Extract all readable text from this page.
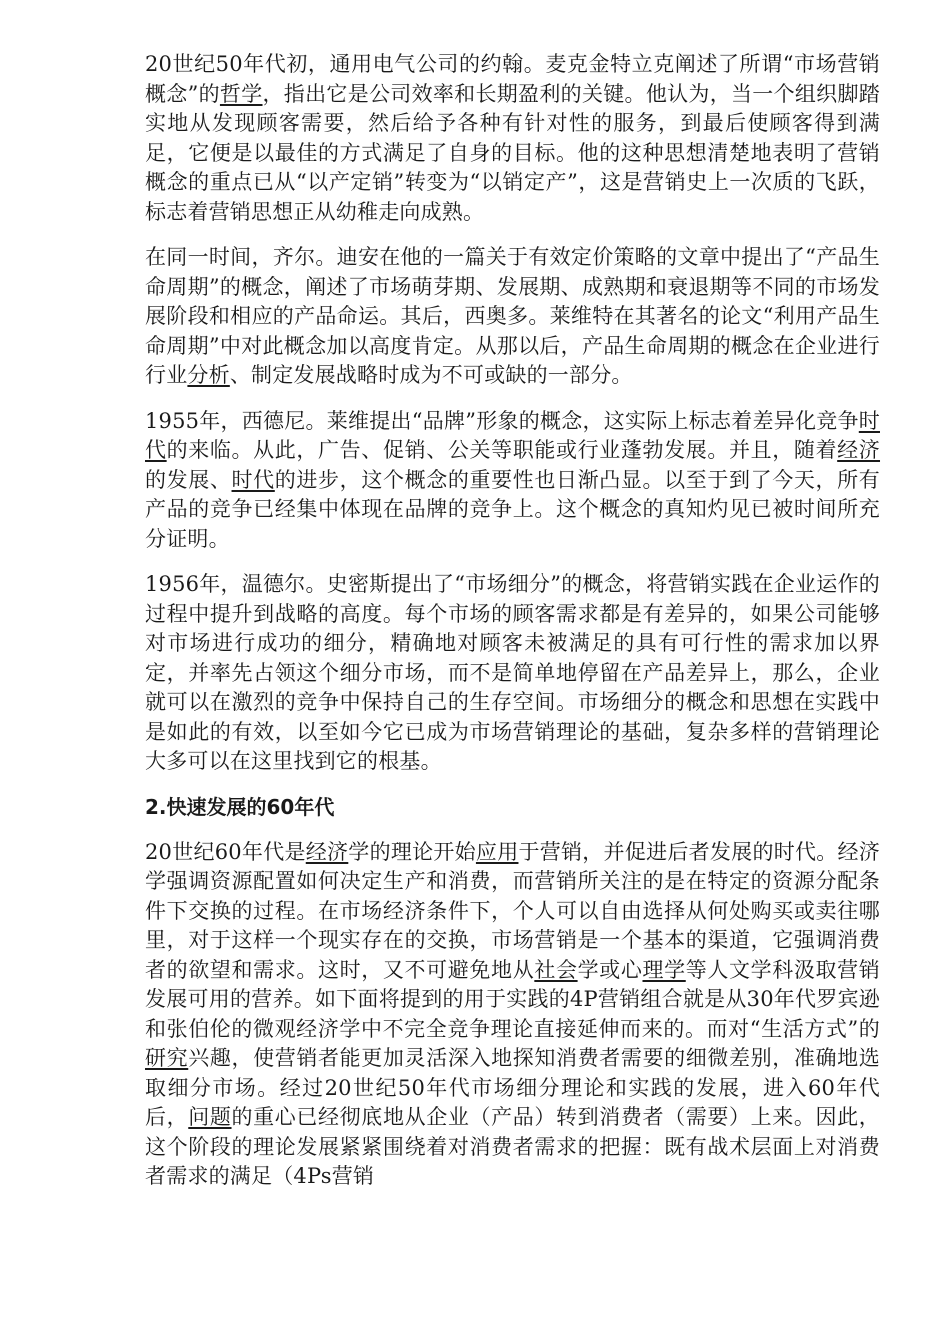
20世纪50年代初，通用电气公司的约翰。麦克金特立克阐述了所谓“市场营销概念”的哲学，指出它是公司效率和长期盈利的关键。他认为，当一个组织脚踏实地从发现顾客需要，然后给予各种有针对性的服务，到最后使顾客得到满足，它便是以最佳的方式满足了自身的目标。他的这种思想清楚地表明了营销概念的重点已从“以产定销”转变为“以销定产”，这是营销史上一次质的飞跃，标志着营销思想正从幼稚走向成熟。

在同一时间，齐尔。迪安在他的一篇关于有效定价策略的文章中提出了“产品生命周期”的概念，阐述了市场萌芽期、发展期、成熟期和衰退期等不同的市场发展阶段和相应的产品命运。其后，西奥多。莱维特在其著名的论文“利用产品生命周期”中对此概念加以高度肯定。从那以后，产品生命周期的概念在企业进行行业分析、制定发展战略时成为不可或缺的一部分。

1955年，西德尼。莱维提出“品牌”形象的概念，这实际上标志着差异化竞争时代的来临。从此，广告、促销、公关等职能或行业蓬勃发展。并且，随着经济的发展、时代的进步，这个概念的重要性也日渐凸显。以至于到了今天，所有产品的竞争已经集中体现在品牌的竞争上。这个概念的真知灼见已被时间所充分证明。

1956年，温德尔。史密斯提出了“市场细分”的概念，将营销实践在企业运作的过程中提升到战略的高度。每个市场的顾客需求都是有差异的，如果公司能够对市场进行成功的细分，精确地对顾客未被满足的具有可行性的需求加以界定，并率先占领这个细分市场，而不是简单地停留在产品差异上，那么，企业就可以在激烈的竞争中保持自己的生存空间。市场细分的概念和思想在实践中是如此的有效，以至如今它已成为市场营销理论的基础，复杂多样的营销理论大多可以在这里找到它的根基。

2.快速发展的60年代

20世纪60年代是经济学的理论开始应用于营销，并促进后者发展的时代。经济学强调资源配置如何决定生产和消费，而营销所关注的是在特定的资源分配条件下交换的过程。在市场经济条件下，个人可以自由选择从何处购买或卖往哪里，对于这样一个现实存在的交换，市场营销是一个基本的渠道，它强调消费者的欲望和需求。这时，又不可避免地从社会学或心理学等人文学科汲取营销发展可用的营养。如下面将提到的用于实践的4P营销组合就是从30年代罗宾逊和张伯伦的微观经济学中不完全竞争理论直接延伸而来的。而对“生活方式”的研究兴趣，使营销者能更加灵活深入地探知消费者需要的细微差别，准确地选取细分市场。经过20世纪50年代市场细分理论和实践的发展，进入60年代后，问题的重心已经彻底地从企业（产品）转到消费者（需要）上来。因此，这个阶段的理论发展紧紧围绕着对消费者需求的把握：既有战术层面上对消费者需求的满足（4Ps营销
